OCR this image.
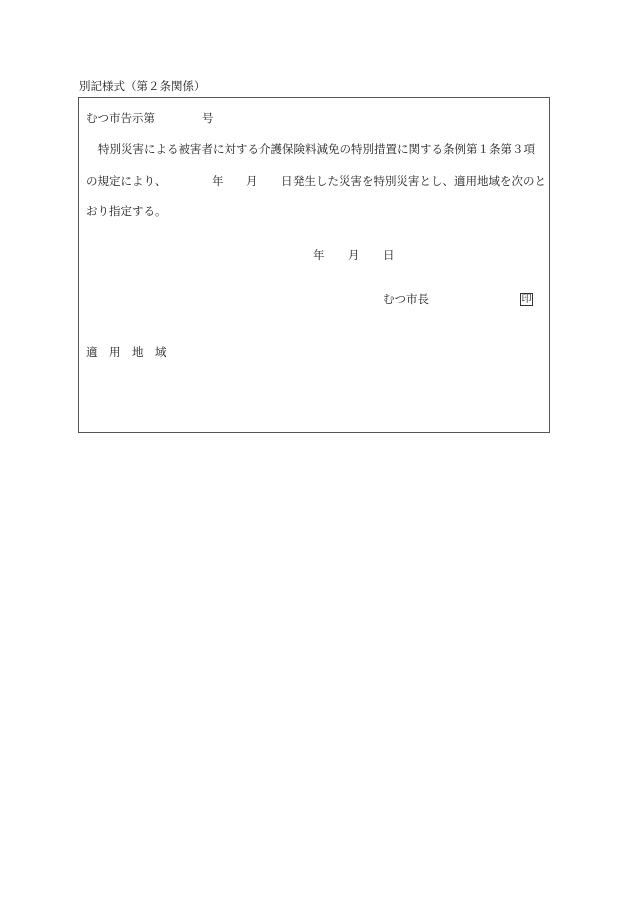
別記様式（第２条関係）
むつ市告示第	号
特別災害による被害者に対する介護保険料減免の特別措置に関する条例第１条第３項
の規定により、	年 月 日 発生した災害を特別災害とし、適用地域を次のと
おり指定する。
年 月 日
むつ市長	印
適　用　地　域
